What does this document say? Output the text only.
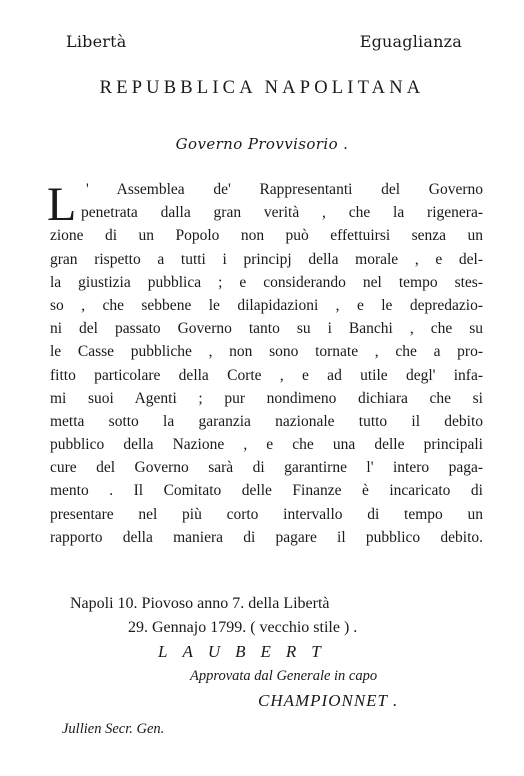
Libertà	Eguaglianza
REPUBBLICA NAPOLITANA
Governo Provvisorio .
L ' Assemblea de' Rappresentanti del Governo
penetrata dalla gran verità , che la rigenera-
zione di un Popolo non può effettuirsi senza un
gran rispetto a tutti i principj della morale , e del-
la giustizia pubblica ; e considerando nel tempo stes-
so , che sebbene le dilapidazioni , e le depredazio-
ni del passato Governo tanto su i Banchi , che su
le Casse pubbliche , non sono tornate , che a pro-
fitto particolare della Corte , e ad utile degl' infa-
mi suoi Agenti ; pur nondimeno dichiara che si
metta sotto la garanzia nazionale tutto il debito
pubblico della Nazione , e che una delle principali
cure del Governo sarà di garantirne l' intero paga-
mento . Il Comitato delle Finanze è incaricato di
presentare nel più corto intervallo di tempo un
rapporto della maniera di pagare il pubblico debito.
Napoli 10. Piovoso anno 7. della Libertà
29. Gennajo 1799. ( vecchio stile ) .
LAUBERT
Approvata dal Generale in capo
CHAMPIONNET .
Jullien Secr. Gen.
